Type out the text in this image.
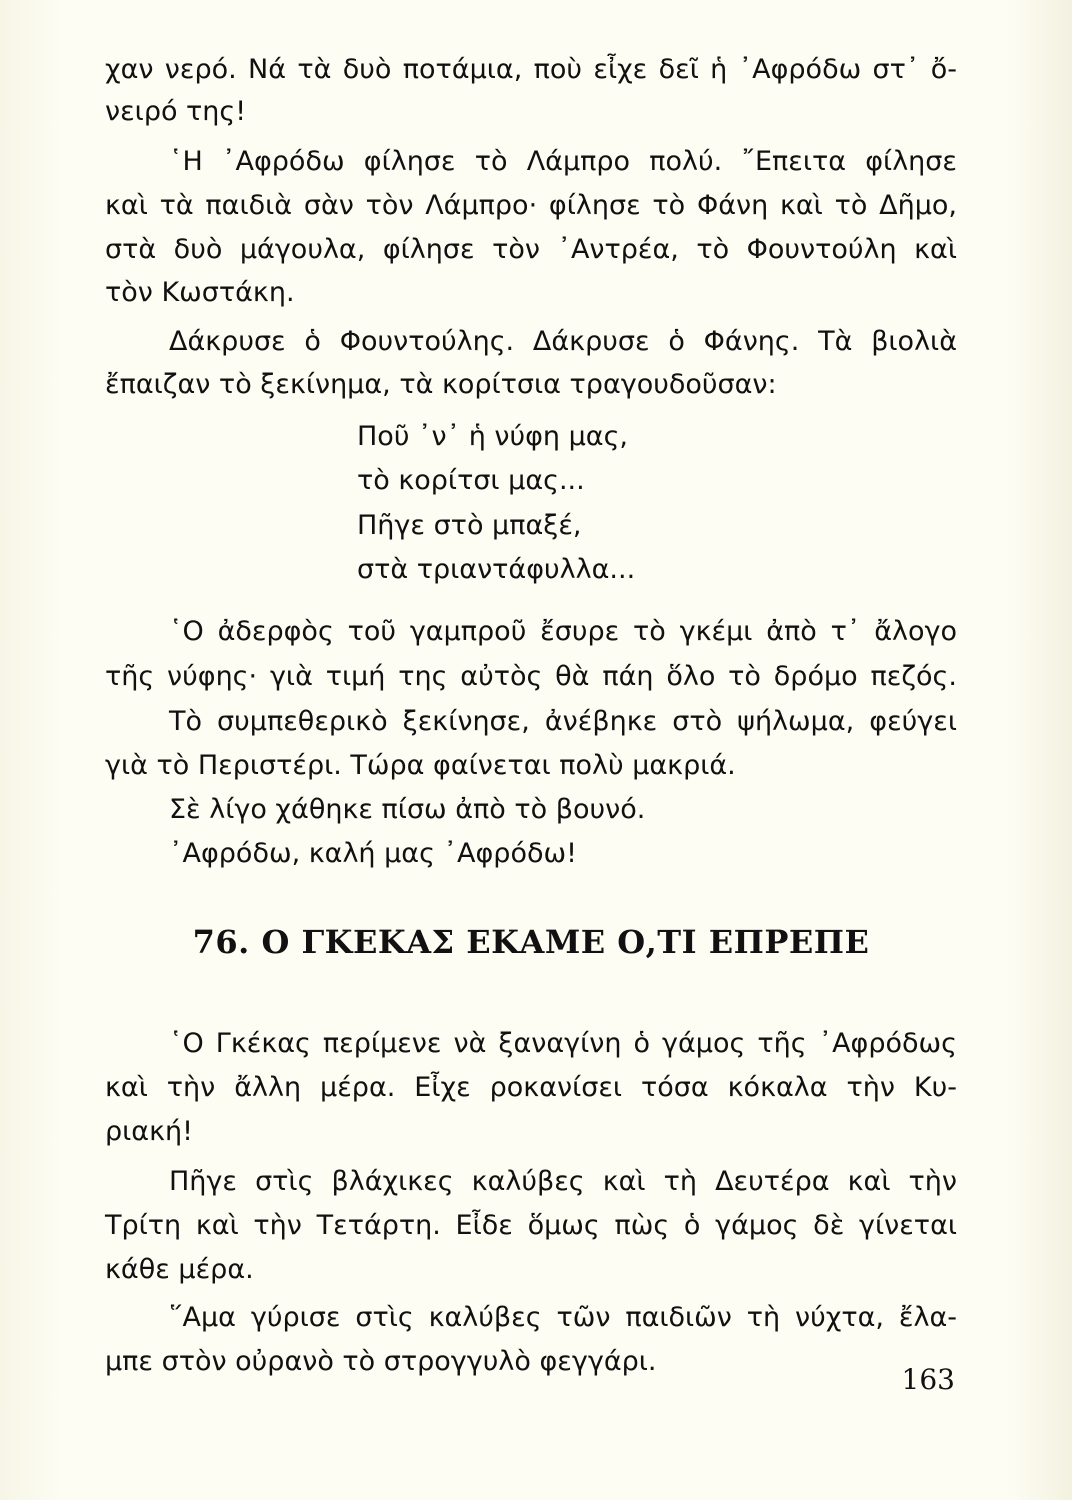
χαν νερό. Νά τὰ δυὸ ποτάμια, ποὺ εἶχε δεῖ ἡ ᾿Αφρόδω στ᾿ ὄ-
νειρό της!
῾Η ᾿Αφρόδω φίλησε τὸ Λάμπρο πολύ. ῎Επειτα φίλησε
καὶ τὰ παιδιὰ σὰν τὸν Λάμπρο· φίλησε τὸ Φάνη καὶ τὸ Δῆμο,
στὰ δυὸ μάγουλα, φίλησε τὸν ᾿Αντρέα, τὸ Φουντούλη καὶ
τὸν Κωστάκη.
Δάκρυσε ὁ Φουντούλης. Δάκρυσε ὁ Φάνης. Τὰ βιολιὰ
ἔπαιζαν τὸ ξεκίνημα, τὰ κορίτσια τραγουδοῦσαν:
Ποῦ ᾿ν᾿ ἡ νύφη μας,
τὸ κορίτσι μας...
Πῆγε στὸ μπαξέ,
στὰ τριαντάφυλλα...
῾Ο ἀδερφὸς τοῦ γαμπροῦ ἔσυρε τὸ γκέμι ἀπὸ τ᾿ ἄλογο
τῆς νύφης· γιὰ τιμή της αὐτὸς θὰ πάη ὅλο τὸ δρόμο πεζός.
Τὸ συμπεθερικὸ ξεκίνησε, ἀνέβηκε στὸ ψήλωμα, φεύγει
γιὰ τὸ Περιστέρι. Τώρα φαίνεται πολὺ μακριά.
Σὲ λίγο χάθηκε πίσω ἀπὸ τὸ βουνό.
᾿Αφρόδω, καλή μας ᾿Αφρόδω!
῾Ο Γκέκας περίμενε νὰ ξαναγίνη ὁ γάμος τῆς ᾿Αφρόδως
καὶ τὴν ἄλλη μέρα. Εἶχε ροκανίσει τόσα κόκαλα τὴν Κυ-
ριακή!
Πῆγε στὶς βλάχικες καλύβες καὶ τὴ Δευτέρα καὶ τὴν
Τρίτη καὶ τὴν Τετάρτη. Εἶδε ὅμως πὼς ὁ γάμος δὲ γίνεται
κάθε μέρα.
῞Αμα γύρισε στὶς καλύβες τῶν παιδιῶν τὴ νύχτα, ἔλα-
μπε στὸν οὐρανὸ τὸ στρογγυλὸ φεγγάρι.
76. Ο ΓΚΕΚΑΣ ΕΚΑΜΕ Ο,ΤΙ ΕΠΡΕΠΕ
163
